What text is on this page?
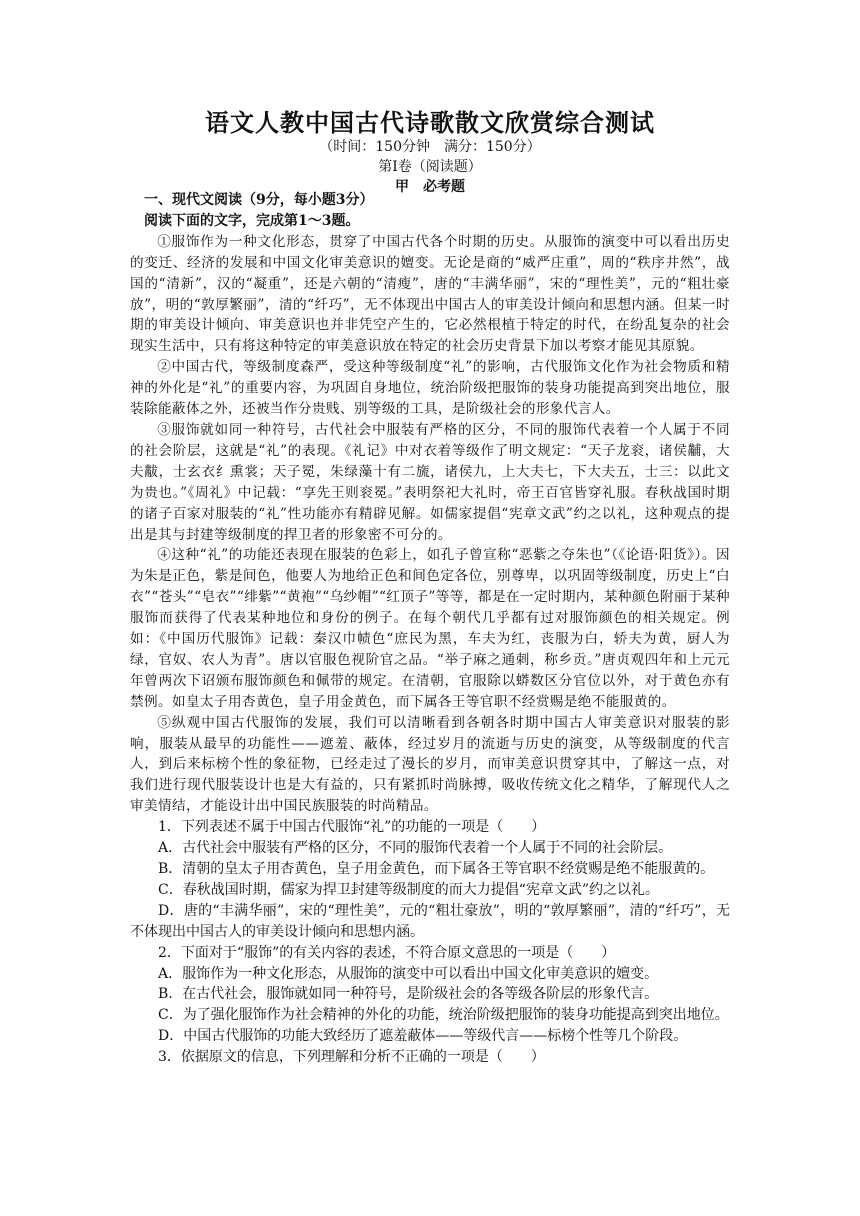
语文人教中国古代诗歌散文欣赏综合测试
（时间：150分钟　满分：150分）
第Ⅰ卷（阅读题）
甲　必考题

一、现代文阅读（9分，每小题3分）

阅读下面的文字，完成第1～3题。

①服饰作为一种文化形态，贯穿了中国古代各个时期的历史。从服饰的演变中可以看出历史的变迁、经济的发展和中国文化审美意识的嬗变。无论是商的“威严庄重”，周的“秩序井然”，战国的“清新”，汉的“凝重”，还是六朝的“清瘦”，唐的“丰满华丽”，宋的“理性美”，元的“粗壮豪放”，明的“敦厚繁丽”，清的“纤巧”，无不体现出中国古人的审美设计倾向和思想内涵。但某一时期的审美设计倾向、审美意识也并非凭空产生的，它必然根植于特定的时代，在纷乱复杂的社会现实生活中，只有将这种特定的审美意识放在特定的社会历史背景下加以考察才能见其原貌。

②中国古代，等级制度森严，受这种等级制度“礼”的影响，古代服饰文化作为社会物质和精神的外化是“礼”的重要内容，为巩固自身地位，统治阶级把服饰的装身功能提高到突出地位，服装除能蔽体之外，还被当作分贵贱、别等级的工具，是阶级社会的形象代言人。

③服饰就如同一种符号，古代社会中服装有严格的区分，不同的服饰代表着一个人属于不同的社会阶层，这就是“礼”的表现。《礼记》中对衣着等级作了明文规定：“天子龙衮，诸侯黼，大夫黻，士玄衣纟熏裳；天子冕，朱绿藻十有二旒，诸侯九，上大夫七，下大夫五，士三：以此文为贵也。”《周礼》中记载：“享先王则衮冕。”表明祭祀大礼时，帝王百官皆穿礼服。春秋战国时期的诸子百家对服装的“礼”性功能亦有精辟见解。如儒家提倡“宪章文武”约之以礼，这种观点的提出是其与封建等级制度的捍卫者的形象密不可分的。

④这种“礼”的功能还表现在服装的色彩上，如孔子曾宣称“恶紫之夺朱也”（《论语·阳货》）。因为朱是正色，紫是间色，他要人为地给正色和间色定各位，别尊卑，以巩固等级制度，历史上“白衣”“苍头”“皂衣”“绯紫”“黄袍”“乌纱帽”“红顶子”等等，都是在一定时期内，某种颜色附丽于某种服饰而获得了代表某种地位和身份的例子。在每个朝代几乎都有过对服饰颜色的相关规定。例如：《中国历代服饰》记载：秦汉巾帻色“庶民为黑，车夫为红，丧服为白，轿夫为黄，厨人为绿，官奴、农人为青”。唐以官服色视阶官之品。“举子麻之通刺，称乡贡。”唐贞观四年和上元元年曾两次下诏颁布服饰颜色和佩带的规定。在清朝，官服除以蟒数区分官位以外，对于黄色亦有禁例。如皇太子用杏黄色，皇子用金黄色，而下属各王等官职不经赏赐是绝不能服黄的。

⑤纵观中国古代服饰的发展，我们可以清晰看到各朝各时期中国古人审美意识对服装的影响，服装从最早的功能性——遮羞、蔽体，经过岁月的流逝与历史的演变，从等级制度的代言人，到后来标榜个性的象征物，已经走过了漫长的岁月，而审美意识贯穿其中，了解这一点，对我们进行现代服装设计也是大有益的，只有紧抓时尚脉搏，吸收传统文化之精华，了解现代人之审美情结，才能设计出中国民族服装的时尚精品。

1．下列表述不属于中国古代服饰“礼”的功能的一项是（　　）

A．古代社会中服装有严格的区分，不同的服饰代表着一个人属于不同的社会阶层。

B．清朝的皇太子用杏黄色，皇子用金黄色，而下属各王等官职不经赏赐是绝不能服黄的。

C．春秋战国时期，儒家为捍卫封建等级制度的而大力提倡“宪章文武”约之以礼。

D．唐的“丰满华丽”，宋的“理性美”，元的“粗壮豪放”，明的“敦厚繁丽”，清的“纤巧”，无不体现出中国古人的审美设计倾向和思想内涵。

2．下面对于“服饰”的有关内容的表述，不符合原文意思的一项是（　　）

A．服饰作为一种文化形态，从服饰的演变中可以看出中国文化审美意识的嬗变。

B．在古代社会，服饰就如同一种符号，是阶级社会的各等级各阶层的形象代言。

C．为了强化服饰作为社会精神的外化的功能，统治阶级把服饰的装身功能提高到突出地位。

D．中国古代服饰的功能大致经历了遮羞蔽体——等级代言——标榜个性等几个阶段。

3．依据原文的信息，下列理解和分析不正确的一项是（　　）
